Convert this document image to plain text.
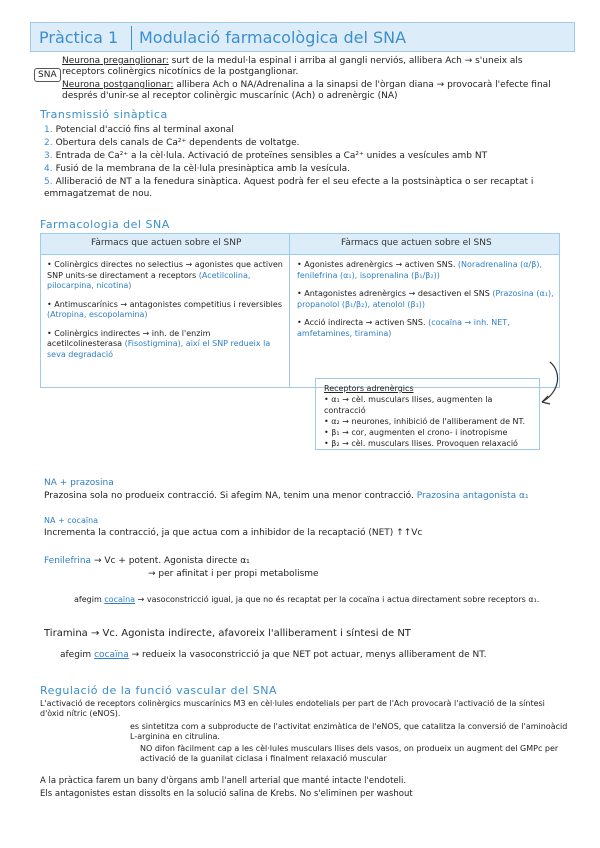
Pràctica 1 Modulació farmacològica del SNA
SNA
Neurona preganglionar: surt de la medul·la espinal i arriba al gangli nerviós, allibera Ach → s'uneix als receptors colinèrgics nicotínics de la postganglionar.
Neurona postganglionar: allibera Ach o NA/Adrenalina a la sinapsi de l'òrgan diana → provocarà l'efecte final després d'unir-se al receptor colinèrgic muscarínic (Ach) o adrenèrgic (NA)
Transmissió sinàptica
1. Potencial d'acció fins al terminal axonal
2. Obertura dels canals de Ca²⁺ dependents de voltatge.
3. Entrada de Ca²⁺ a la cèl·lula. Activació de proteïnes sensibles a Ca²⁺ unides a vesícules amb NT
4. Fusió de la membrana de la cèl·lula presinàptica amb la vesícula.
5. Alliberació de NT a la fenedura sinàptica. Aquest podrà fer el seu efecte a la postsinàptica o ser recaptat i emmagatzemat de nou.
Farmacologia del SNA
Fàrmacs que actuen sobre el SNP	Fàrmacs que actuen sobre el SNS

• Colinèrgics directes no selectius → agonistes que activen SNP units-se directament a receptors (Acetilcolina, pilocarpina, nicotina)

• Antimuscarínics → antagonistes competitius i reversibles (Atropina, escopolamina)

• Colinèrgics indirectes → inh. de l'enzim acetilcolinesterasa (Fisostigmina), així el SNP redueix la seva degradació

• Agonistes adrenèrgics → activen SNS. (Noradrenalina (α/β), fenilefrina (α₁), isoprenalina (β₁/β₂))

• Antagonistes adrenèrgics → desactiven el SNS (Prazosina (α₁), propanolol (β₁/β₂), atenolol (β₁))

• Acció indirecta → activen SNS. (cocaïna → inh. NET, amfetamines, tiramina)

Receptors adrenèrgics
• α₁ → cèl. musculars llises, augmenten la contracció
• α₂ → neurones, inhibició de l'alliberament de NT.
• β₁ → cor, augmenten el crono- i inotropisme
• β₂ → cèl. musculars llises. Provoquen relaxació
NA + prazosina
Prazosina sola no produeix contracció. Si afegim NA, tenim una menor contracció. Prazosina antagonista α₁
NA + cocaïna
Incrementa la contracció, ja que actua com a inhibidor de la recaptació (NET) ↑↑Vc
Fenilefrina → Vc + potent. Agonista directe α₁
→ per afinitat i per propi metabolisme
afegim cocaïna → vasoconstricció igual, ja que no és recaptat per la cocaïna i actua directament sobre receptors α₁.
Tiramina → Vc. Agonista indirecte, afavoreix l'alliberament i síntesi de NT
afegim cocaïna → redueix la vasoconstricció ja que NET pot actuar, menys alliberament de NT.
Regulació de la funció vascular del SNA
L'activació de receptors colinèrgics muscarínics M3 en cèl·lules endotelials per part de l'Ach provocarà l'activació de la síntesi d'òxid nítric (eNOS).
es sintetitza com a subproducte de l'activitat enzimàtica de l'eNOS, que catalitza la conversió de l'aminoàcid L-arginina en citrulina.
NO difon fàcilment cap a les cèl·lules musculars llises dels vasos, on produeix un augment del GMPc per activació de la guanilat ciclasa i finalment relaxació muscular
A la pràctica farem un bany d'òrgans amb l'anell arterial que manté intacte l'endoteli.
Els antagonistes estan dissolts en la solució salina de Krebs. No s'eliminen per washout
